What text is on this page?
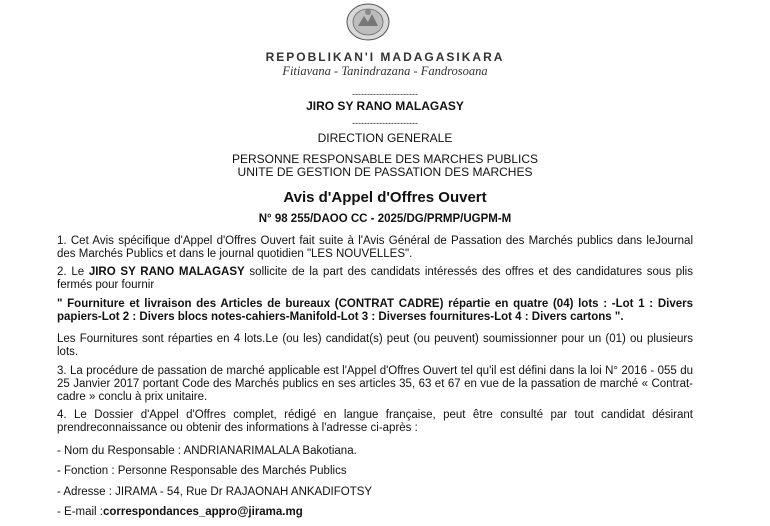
REPOBLIKAN'I MADAGASIKARA
Fitiavana - Tanindrazana - Fandrosoana
----------------------
JIRO SY RANO MALAGASY
----------------------
DIRECTION GENERALE
PERSONNE RESPONSABLE DES MARCHES PUBLICS
UNITE DE GESTION DE PASSATION DES MARCHES
Avis d'Appel d'Offres Ouvert
N° 98 255/DAOO CC - 2025/DG/PRMP/UGPM-M
1. Cet Avis spécifique d'Appel d'Offres Ouvert fait suite à l'Avis Général de Passation des Marchés publics dans leJournal des Marchés Publics et dans le journal quotidien "LES NOUVELLES".
2. Le JIRO SY RANO MALAGASY sollicite de la part des candidats intéressés des offres et des candidatures sous plis fermés pour fournir
" Fourniture et livraison des Articles de bureaux (CONTRAT CADRE) répartie en quatre (04) lots : -Lot 1 : Divers papiers-Lot 2 : Divers blocs notes-cahiers-Manifold-Lot 3 : Diverses fournitures-Lot 4 : Divers cartons ".
Les Fournitures sont réparties en 4 lots.Le (ou les) candidat(s) peut (ou peuvent) soumissionner pour un (01) ou plusieurs lots.
3. La procédure de passation de marché applicable est l'Appel d'Offres Ouvert tel qu'il est défini dans la loi N° 2016 - 055 du 25 Janvier 2017 portant Code des Marchés publics en ses articles 35, 63 et 67 en vue de la passation de marché « Contrat-cadre » conclu à prix unitaire.
4. Le Dossier d'Appel d'Offres complet, rédigé en langue française, peut être consulté par tout candidat désirant prendreconnaissance ou obtenir des informations à l'adresse ci-après :
- Nom du Responsable : ANDRIANARIMALALA Bakotiana.
- Fonction : Personne Responsable des Marchés Publics
- Adresse : JIRAMA - 54, Rue Dr RAJAONAH ANKADIFOTSY
- E-mail :correspondances_appro@jirama.mg
